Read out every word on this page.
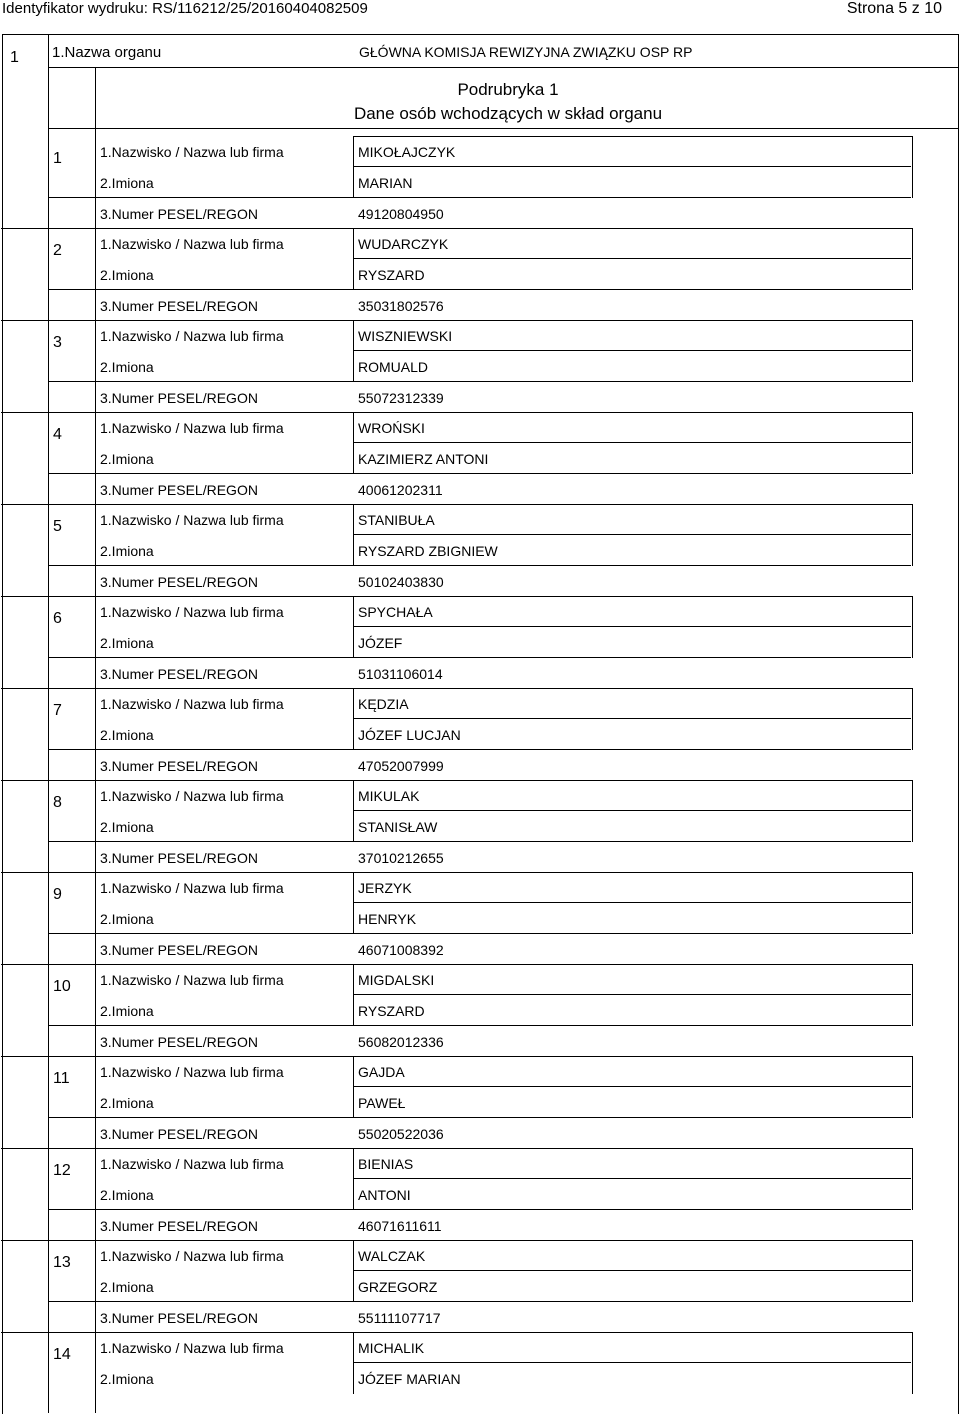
Identyfikator wydruku: RS/116212/25/20160404082509	Strona 5 z 10
1 1.Nazwa organu	GŁÓWNA KOMISJA REWIZYJNA ZWIĄZKU OSP RP
Podrubryka 1
Dane osób wchodzących w skład organu
1	1.Nazwisko / Nazwa lub firma	MIKOŁAJCZYK
2.Imiona	MARIAN
3.Numer PESEL/REGON	49120804950
2	1.Nazwisko / Nazwa lub firma	WUDARCZYK
2.Imiona	RYSZARD
3.Numer PESEL/REGON	35031802576
3	1.Nazwisko / Nazwa lub firma	WISZNIEWSKI
2.Imiona	ROMUALD
3.Numer PESEL/REGON	55072312339
4	1.Nazwisko / Nazwa lub firma	WROŃSKI
2.Imiona	KAZIMIERZ ANTONI
3.Numer PESEL/REGON	40061202311
5	1.Nazwisko / Nazwa lub firma	STANIBUŁA
2.Imiona	RYSZARD ZBIGNIEW
3.Numer PESEL/REGON	50102403830
6	1.Nazwisko / Nazwa lub firma	SPYCHAŁA
2.Imiona	JÓZEF
3.Numer PESEL/REGON	51031106014
7	1.Nazwisko / Nazwa lub firma	KĘDZIA
2.Imiona	JÓZEF LUCJAN
3.Numer PESEL/REGON	47052007999
8	1.Nazwisko / Nazwa lub firma	MIKULAK
2.Imiona	STANISŁAW
3.Numer PESEL/REGON	37010212655
9	1.Nazwisko / Nazwa lub firma	JERZYK
2.Imiona	HENRYK
3.Numer PESEL/REGON	46071008392
10 1.Nazwisko / Nazwa lub firma	MIGDALSKI
2.Imiona	RYSZARD
3.Numer PESEL/REGON	56082012336
11 1.Nazwisko / Nazwa lub firma	GAJDA
2.Imiona	PAWEŁ
3.Numer PESEL/REGON	55020522036
12 1.Nazwisko / Nazwa lub firma	BIENIAS
2.Imiona	ANTONI
3.Numer PESEL/REGON	46071611611
13 1.Nazwisko / Nazwa lub firma	WALCZAK
2.Imiona	GRZEGORZ
3.Numer PESEL/REGON	55111107717
14 1.Nazwisko / Nazwa lub firma	MICHALIK
2.Imiona	JÓZEF MARIAN
